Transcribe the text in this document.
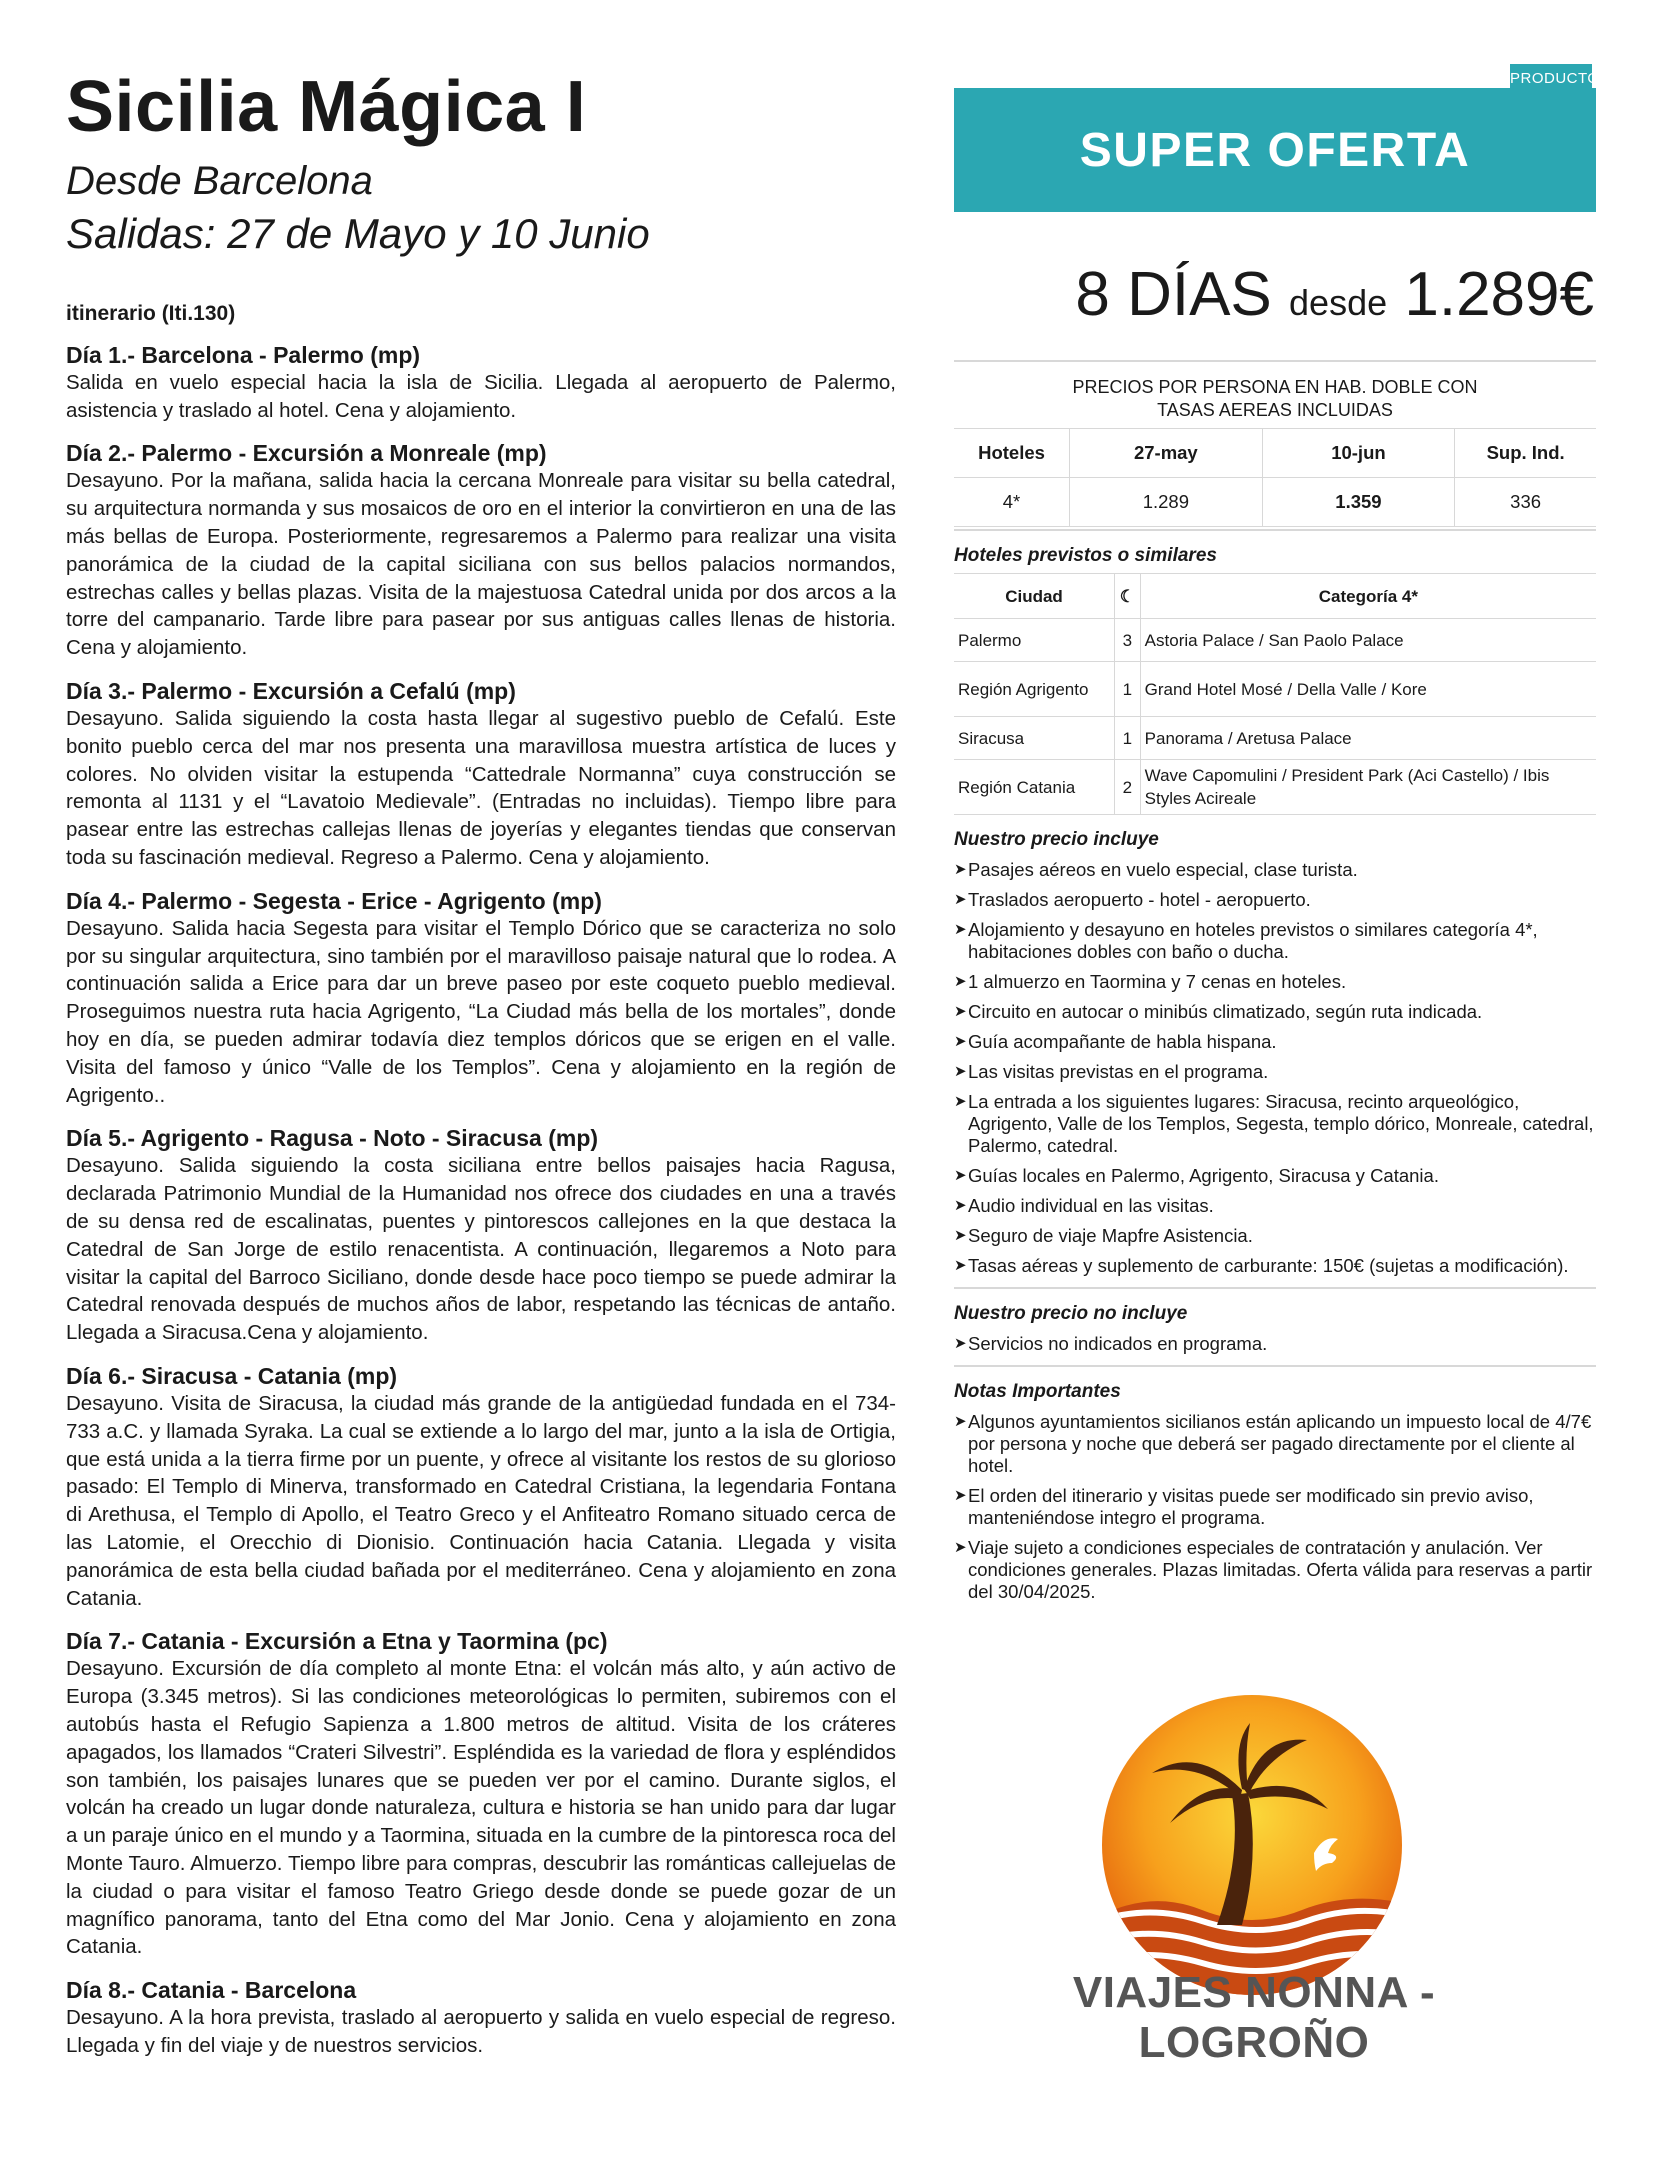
Sicilia Mágica I
Desde Barcelona
Salidas: 27 de Mayo y 10 Junio
itinerario (Iti.130)
Día 1.- Barcelona - Palermo (mp)
Salida en vuelo especial hacia la isla de Sicilia. Llegada al aeropuerto de Palermo, asistencia y traslado al hotel. Cena y alojamiento.
Día 2.- Palermo - Excursión a Monreale (mp)
Desayuno. Por la mañana, salida hacia la cercana Monreale para visitar su bella catedral, su arquitectura normanda y sus mosaicos de oro en el interior la convirtieron en una de las más bellas de Europa. Posteriormente, regresaremos a Palermo para realizar una visita panorámica de la ciudad de la capital siciliana con sus bellos palacios normandos, estrechas calles y bellas plazas. Visita de la majestuosa Catedral unida por dos arcos a la torre del campanario. Tarde libre para pasear por sus antiguas calles llenas de historia. Cena y alojamiento.
Día 3.- Palermo - Excursión a Cefalú (mp)
Desayuno. Salida siguiendo la costa hasta llegar al sugestivo pueblo de Cefalú. Este bonito pueblo cerca del mar nos presenta una maravillosa muestra artística de luces y colores. No olviden visitar la estupenda “Cattedrale Normanna” cuya construcción se remonta al 1131 y el “Lavatoio Medievale”. (Entradas no incluidas). Tiempo libre para pasear entre las estrechas callejas llenas de joyerías y elegantes tiendas que conservan toda su fascinación medieval. Regreso a Palermo. Cena y alojamiento.
Día 4.- Palermo - Segesta - Erice - Agrigento (mp)
Desayuno. Salida hacia Segesta para visitar el Templo Dórico que se caracteriza no solo por su singular arquitectura, sino también por el maravilloso paisaje natural que lo rodea. A continuación salida a Erice para dar un breve paseo por este coqueto pueblo medieval. Proseguimos nuestra ruta hacia Agrigento, “La Ciudad más bella de los mortales”, donde hoy en día, se pueden admirar todavía diez templos dóricos que se erigen en el valle. Visita del famoso y único “Valle de los Templos”. Cena y alojamiento en la región de Agrigento..
Día 5.- Agrigento - Ragusa - Noto - Siracusa (mp)
Desayuno. Salida siguiendo la costa siciliana entre bellos paisajes hacia Ragusa, declarada Patrimonio Mundial de la Humanidad nos ofrece dos ciudades en una a través de su densa red de escalinatas, puentes y pintorescos callejones en la que destaca la Catedral de San Jorge de estilo renacentista. A continuación, llegaremos a Noto para visitar la capital del Barroco Siciliano, donde desde hace poco tiempo se puede admirar la Catedral renovada después de muchos años de labor, respetando las técnicas de antaño. Llegada a Siracusa.Cena y alojamiento.
Día 6.- Siracusa - Catania (mp)
Desayuno. Visita de Siracusa, la ciudad más grande de la antigüedad fundada en el 734-733 a.C. y llamada Syraka. La cual se extiende a lo largo del mar, junto a la isla de Ortigia, que está unida a la tierra firme por un puente, y ofrece al visitante los restos de su glorioso pasado: El Templo di Minerva, transformado en Catedral Cristiana, la legendaria Fontana di Arethusa, el Templo di Apollo, el Teatro Greco y el Anfiteatro Romano situado cerca de las Latomie, el Orecchio di Dionisio. Continuación hacia Catania. Llegada y visita panorámica de esta bella ciudad bañada por el mediterráneo. Cena y alojamiento en zona Catania.
Día 7.- Catania - Excursión a Etna y Taormina (pc)
Desayuno. Excursión de día completo al monte Etna: el volcán más alto, y aún activo de Europa (3.345 metros). Si las condiciones meteorológicas lo permiten, subiremos con el autobús hasta el Refugio Sapienza a 1.800 metros de altitud. Visita de los cráteres apagados, los llamados “Crateri Silvestri”. Espléndida es la variedad de flora y espléndidos son también, los paisajes lunares que se pueden ver por el camino. Durante siglos, el volcán ha creado un lugar donde naturaleza, cultura e historia se han unido para dar lugar a un paraje único en el mundo y a Taormina, situada en la cumbre de la pintoresca roca del Monte Tauro. Almuerzo. Tiempo libre para compras, descubrir las románticas callejuelas de la ciudad o para visitar el famoso Teatro Griego desde donde se puede gozar de un magnífico panorama, tanto del Etna como del Mar Jonio. Cena y alojamiento en zona Catania.
Día 8.- Catania - Barcelona
Desayuno. A la hora prevista, traslado al aeropuerto y salida en vuelo especial de regreso. Llegada y fin del viaje y de nuestros servicios.
PRODUCTO
SUPER OFERTA
8 DÍAS desde 1.289€
PRECIOS POR PERSONA EN HAB. DOBLE CON
TASAS AEREAS INCLUIDAS
Hoteles	27-may	10-jun	Sup. Ind.
4*	1.289	1.359	336
Hoteles previstos o similares
Ciudad	☾	Categoría 4*
Palermo	3	Astoria Palace / San Paolo Palace
Región Agrigento	1	Grand Hotel Mosé / Della Valle / Kore
Siracusa	1	Panorama / Aretusa Palace
Región Catania	2	Wave Capomulini / President Park (Aci Castello) / Ibis Styles Acireale
Nuestro precio incluye
➤ Pasajes aéreos en vuelo especial, clase turista.
➤ Traslados aeropuerto - hotel - aeropuerto.
➤ Alojamiento y desayuno en hoteles previstos o similares categoría 4*, habitaciones dobles con baño o ducha.
➤ 1 almuerzo en Taormina y 7 cenas en hoteles.
➤ Circuito en autocar o minibús climatizado, según ruta indicada.
➤ Guía acompañante de habla hispana.
➤ Las visitas previstas en el programa.
➤ La entrada a los siguientes lugares: Siracusa, recinto arqueológico, Agrigento, Valle de los Templos, Segesta, templo dórico, Monreale, catedral, Palermo, catedral.
➤ Guías locales en Palermo, Agrigento, Siracusa y Catania.
➤ Audio individual en las visitas.
➤ Seguro de viaje Mapfre Asistencia.
➤ Tasas aéreas y suplemento de carburante: 150€ (sujetas a modificación).
Nuestro precio no incluye
➤ Servicios no indicados en programa.
Notas Importantes
➤ Algunos ayuntamientos sicilianos están aplicando un impuesto local de 4/7€ por persona y noche que deberá ser pagado directamente por el cliente al hotel.
➤ El orden del itinerario y visitas puede ser modificado sin previo aviso, manteniéndose integro el programa.
➤ Viaje sujeto a condiciones especiales de contratación y anulación. Ver condiciones generales. Plazas limitadas. Oferta válida para reservas a partir del 30/04/2025.
VIAJES NONNA - LOGROÑO
